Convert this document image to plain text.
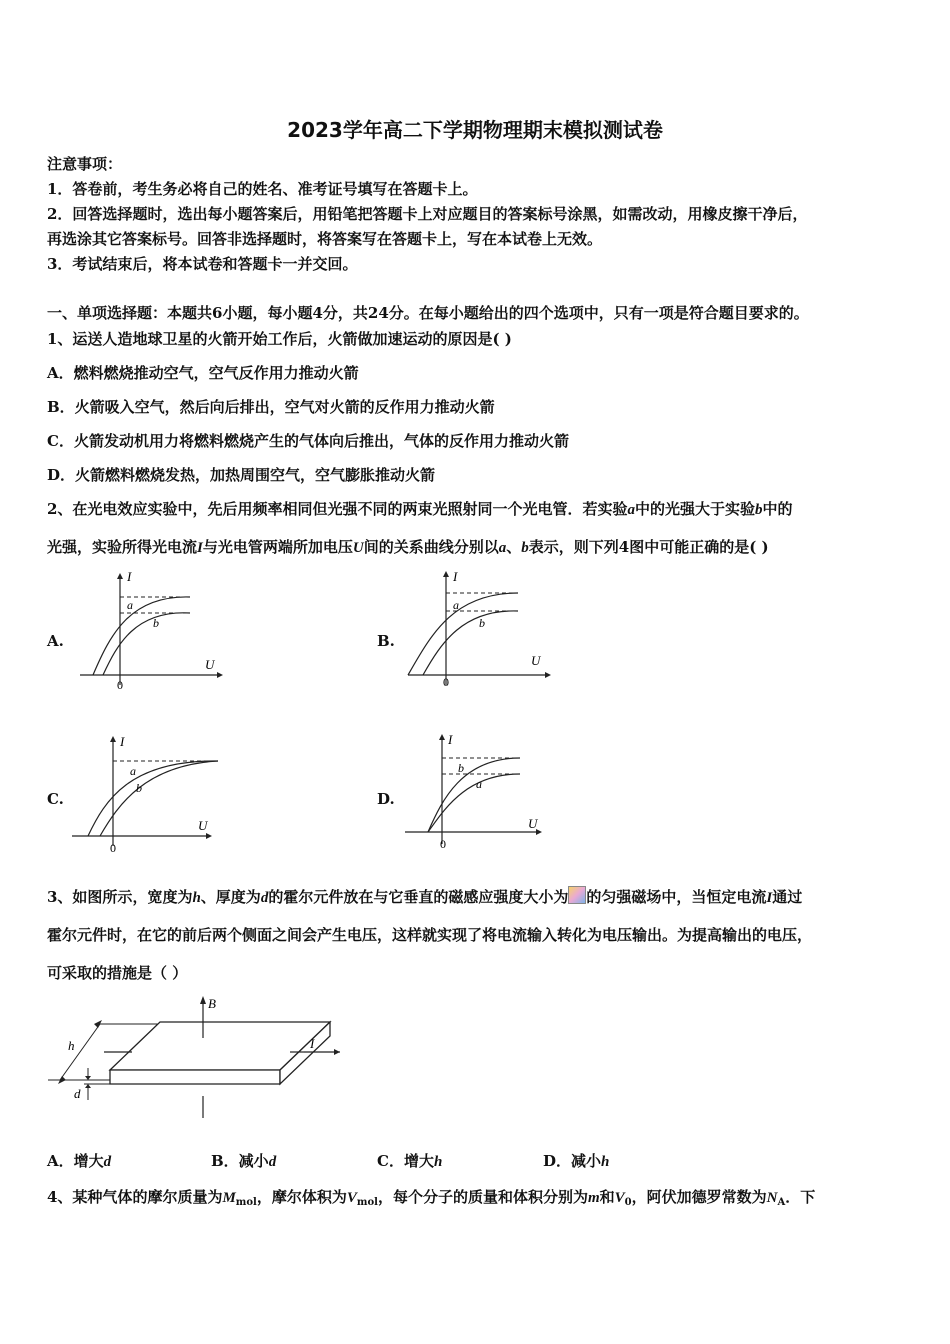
2023学年高二下学期物理期末模拟测试卷
注意事项：
1．答卷前，考生务必将自己的姓名、准考证号填写在答题卡上。
2．回答选择题时，选出每小题答案后，用铅笔把答题卡上对应题目的答案标号涂黑，如需改动，用橡皮擦干净后，
再选涂其它答案标号。回答非选择题时，将答案写在答题卡上，写在本试卷上无效。
3．考试结束后，将本试卷和答题卡一并交回。
一、单项选择题：本题共6小题，每小题4分，共24分。在每小题给出的四个选项中，只有一项是符合题目要求的。
1、运送人造地球卫星的火箭开始工作后，火箭做加速运动的原因是( )
A．燃料燃烧推动空气，空气反作用力推动火箭
B．火箭吸入空气，然后向后排出，空气对火箭的反作用力推动火箭
C．火箭发动机用力将燃料燃烧产生的气体向后推出，气体的反作用力推动火箭
D．火箭燃料燃烧发热，加热周围空气，空气膨胀推动火箭
2、在光电效应实验中，先后用频率相同但光强不同的两束光照射同一个光电管．若实验a中的光强大于实验b中的
光强，实验所得光电流I与光电管两端所加电压U间的关系曲线分别以a、b表示，则下列4图中可能正确的是( )
A.
I
U
0
a
b
B.
I
U
0
a
b
C.
I
U
0
a
b
D.
I
U
0
b
a
3、如图所示，宽度为h、厚度为d的霍尔元件放在与它垂直的磁感应强度大小为 的匀强磁场中，当恒定电流I通过
霍尔元件时，在它的前后两个侧面之间会产生电压，这样就实现了将电流输入转化为电压输出。为提高输出的电压，
可采取的措施是（ ）
B
I
h
d
A．增大d	B．减小d	C．增大h	D．减小h
4、某种气体的摩尔质量为$M_{mol}$，摩尔体积为$V_{mol}$，每个分子的质量和体积分别为m和$V_0$，阿伏加德罗常数为$N_A$．下
